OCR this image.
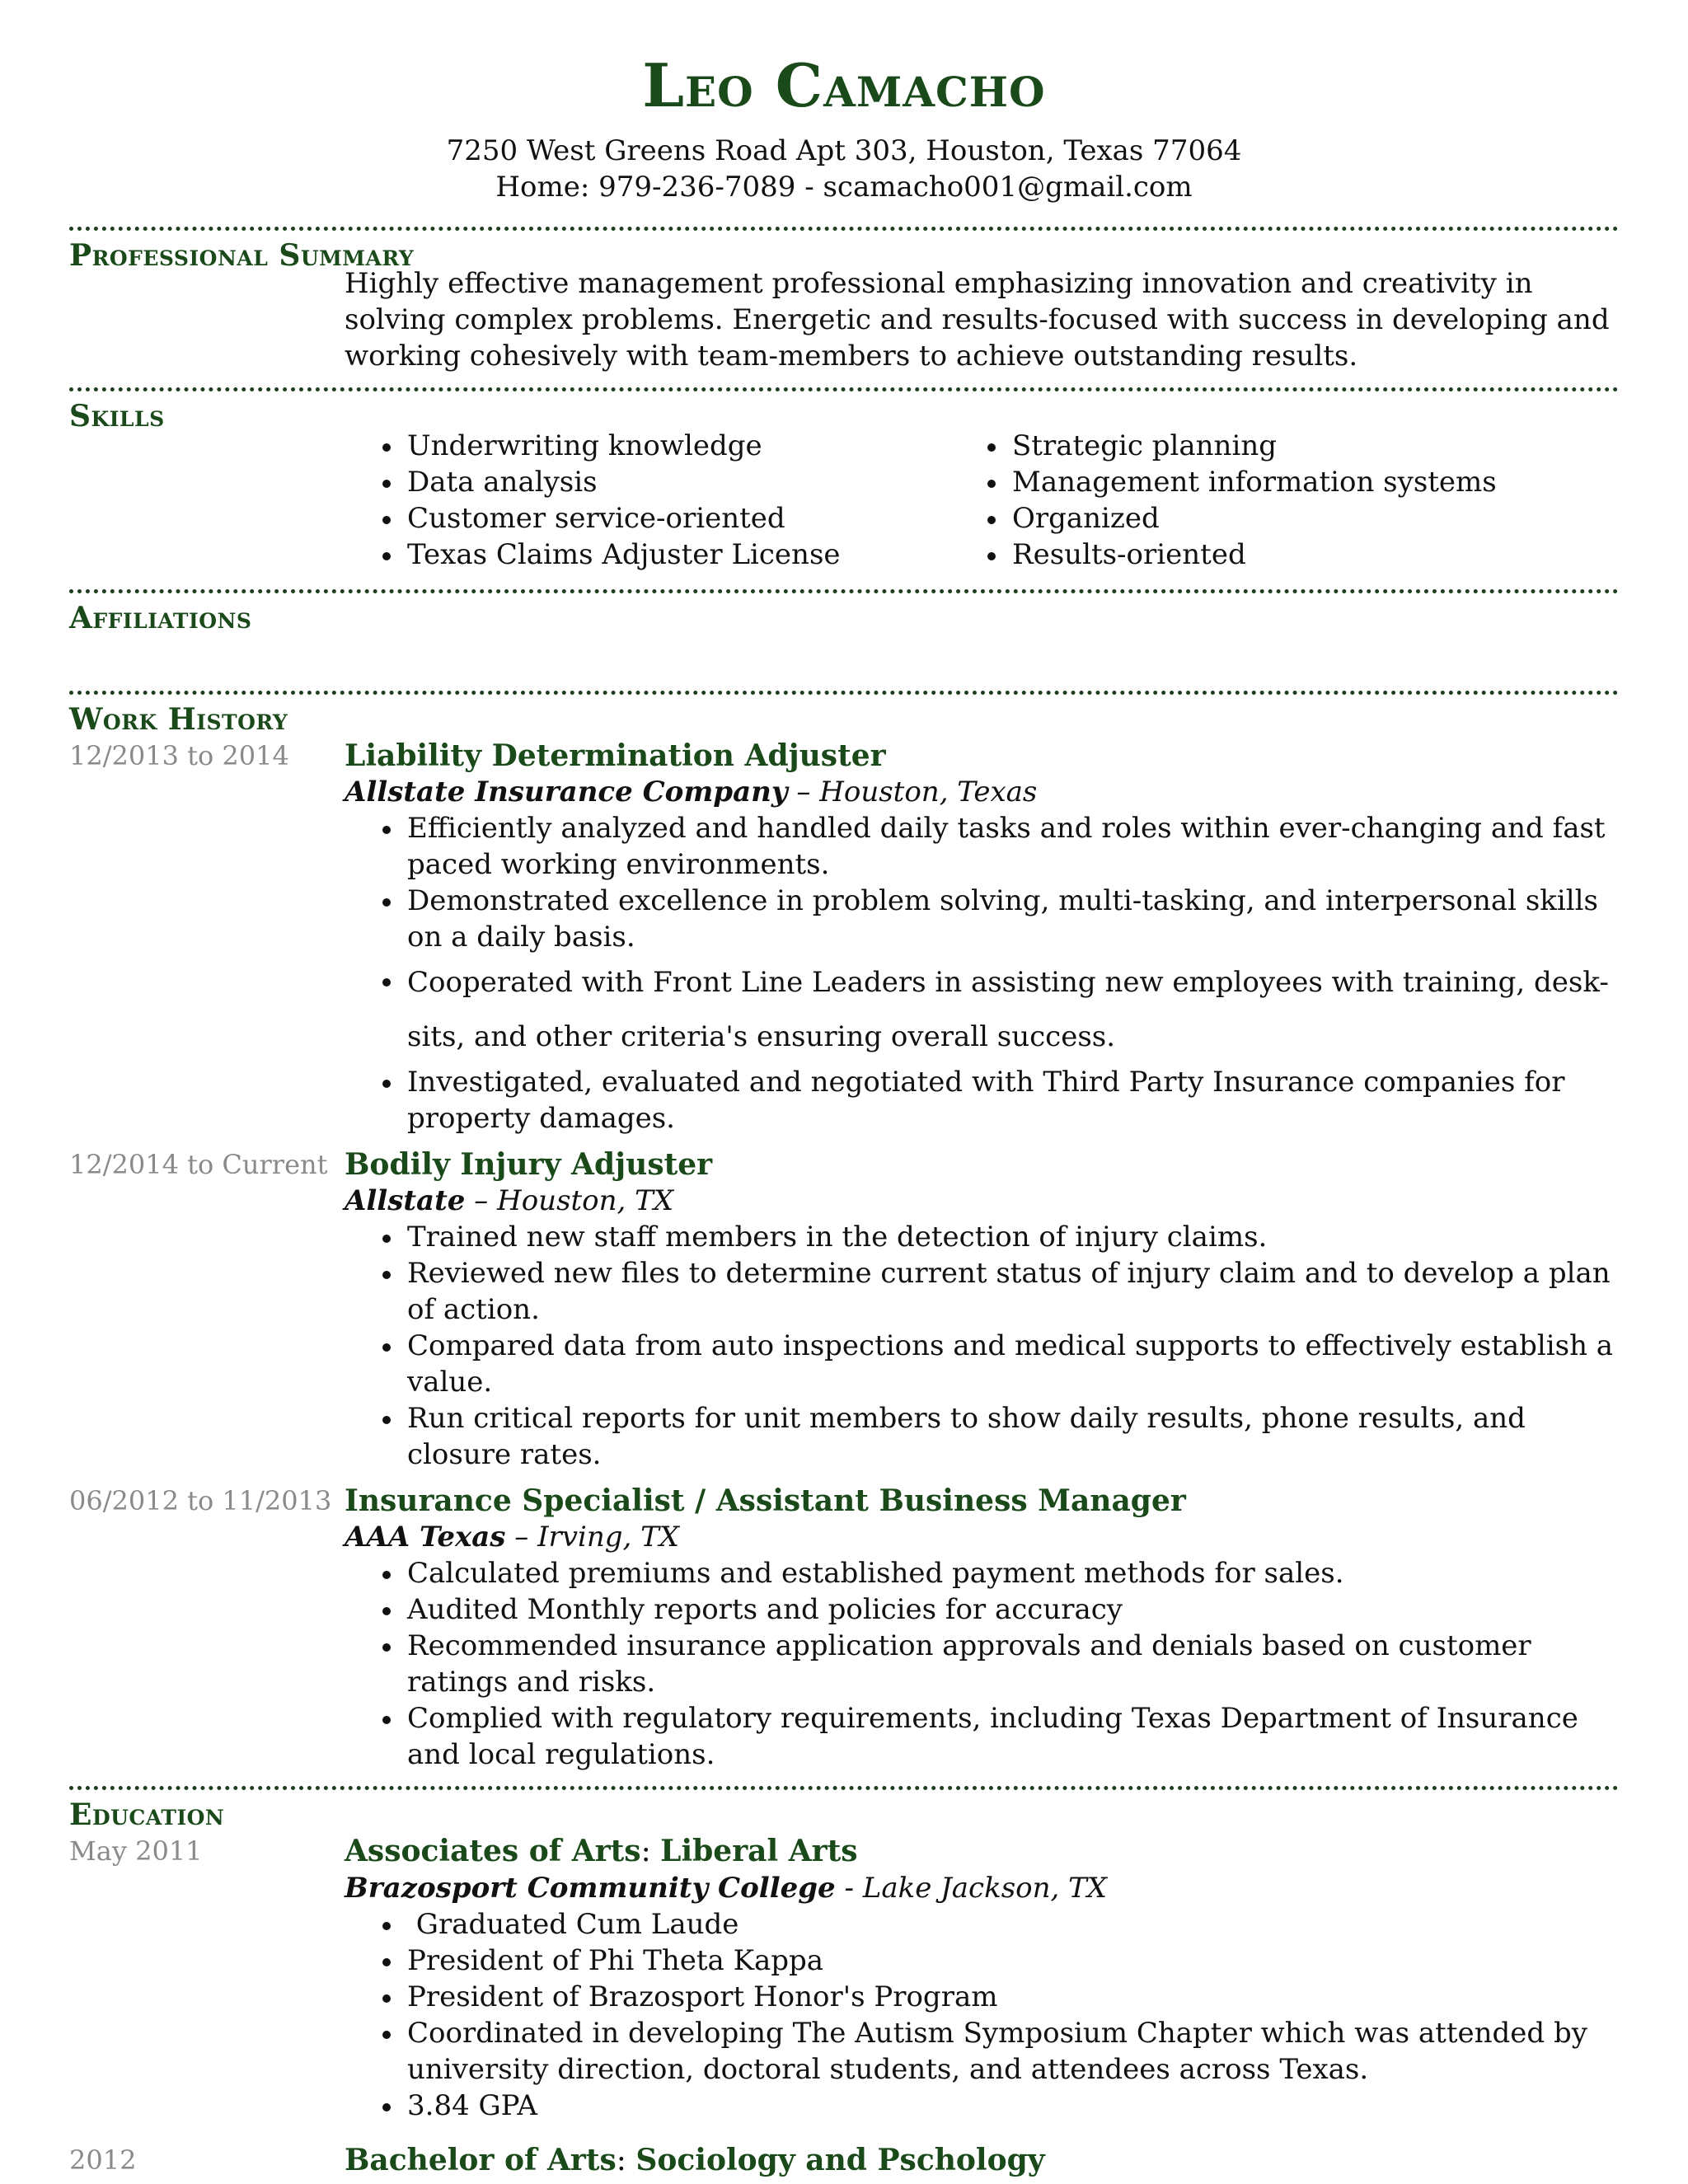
Leo Camacho
7250 West Greens Road Apt 303, Houston, Texas 77064
Home: 979-236-7089 - scamacho001@gmail.com
Professional Summary
Highly effective management professional emphasizing innovation and creativity in solving complex problems. Energetic and results-focused with success in developing and working cohesively with team-members to achieve outstanding results.
Skills
Underwriting knowledge
Data analysis
Customer service-oriented
Texas Claims Adjuster License
Strategic planning
Management information systems
Organized
Results-oriented
Affiliations
Work History
12/2013 to 2014 Liability Determination Adjuster
Allstate Insurance Company – Houston, Texas
Efficiently analyzed and handled daily tasks and roles within ever-changing and fast paced working environments.
Demonstrated excellence in problem solving, multi-tasking, and interpersonal skills on a daily basis.
Cooperated with Front Line Leaders in assisting new employees with training, desk-sits, and other criteria's ensuring overall success.
Investigated, evaluated and negotiated with Third Party Insurance companies for property damages.
12/2014 to Current Bodily Injury Adjuster
Allstate – Houston, TX
Trained new staff members in the detection of injury claims.
Reviewed new files to determine current status of injury claim and to develop a plan of action.
Compared data from auto inspections and medical supports to effectively establish a value.
Run critical reports for unit members to show daily results, phone results, and closure rates.
06/2012 to 11/2013 Insurance Specialist / Assistant Business Manager
AAA Texas – Irving, TX
Calculated premiums and established payment methods for sales.
Audited Monthly reports and policies for accuracy
Recommended insurance application approvals and denials based on customer ratings and risks.
Complied with regulatory requirements, including Texas Department of Insurance and local regulations.
Education
May 2011	Associates of Arts: Liberal Arts
Brazosport Community College - Lake Jackson, TX
Graduated Cum Laude
President of Phi Theta Kappa
President of Brazosport Honor's Program
Coordinated in developing The Autism Symposium Chapter which was attended by university direction, doctoral students, and attendees across Texas.
3.84 GPA
2012	Bachelor of Arts: Sociology and Pschology
